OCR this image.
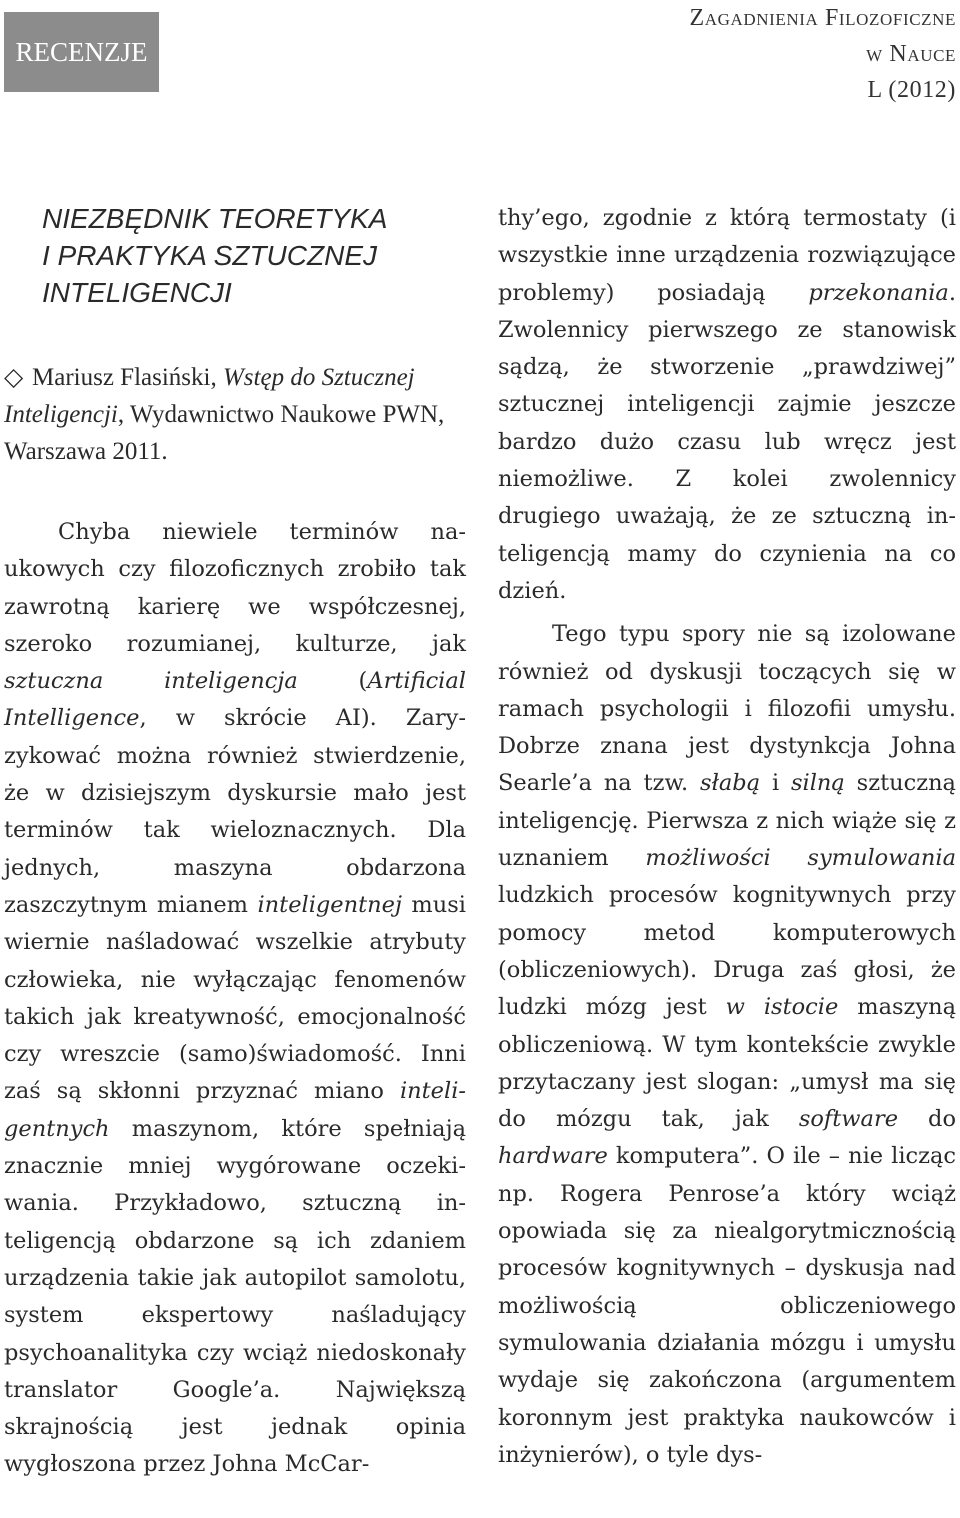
RECENZJE
Zagadnienia Filozoficzne
w Nauce
L (2012)
NIEZBĘDNIK TEORETYKA
I PRAKTYKA SZTUCZNEJ
INTELIGENCJI
◇ Mariusz Flasiński, Wstęp do Sztucznej Inteligencji, Wydawnictwo Naukowe PWN, Warszawa 2011.

Chyba niewiele terminów naukowych czy filozoficznych zrobiło tak zawrotną karierę we współczesnej, szeroko rozumianej, kulturze, jak sztuczna inteligencja (Artificial Intelligence, w skrócie AI). Zaryzykować można również stwierdzenie, że w dzisiejszym dyskursie mało jest terminów tak wieloznacznych. Dla jednych, maszyna obdarzona zaszczytnym mianem inteligentnej musi wiernie naśladować wszelkie atrybuty człowieka, nie wyłączając fenomenów takich jak kreatywność, emocjonalność czy wreszcie (samo)świadomość. Inni zaś są skłonni przyznać miano inteligentnych maszynom, które spełniają znacznie mniej wygórowane oczekiwania. Przykładowo, sztuczną inteligencją obdarzone są ich zdaniem urządzenia takie jak autopilot samolotu, system ekspertowy naśladujący psychoanalityka czy wciąż niedoskonały translator Google’a. Największą skrajnością jest jednak opinia wygłoszona przez Johna McCar-

thy’ego, zgodnie z którą termostaty (i wszystkie inne urządzenia rozwiązujące problemy) posiadają przekonania. Zwolennicy pierwszego ze stanowisk sądzą, że stworzenie „prawdziwej” sztucznej inteligencji zajmie jeszcze bardzo dużo czasu lub wręcz jest niemożliwe. Z kolei zwolennicy drugiego uważają, że ze sztuczną inteligencją mamy do czynienia na co dzień.

Tego typu spory nie są izolowane również od dyskusji toczących się w ramach psychologii i filozofii umysłu. Dobrze znana jest dystynkcja Johna Searle’a na tzw. słabą i silną sztuczną inteligencję. Pierwsza z nich wiąże się z uznaniem możliwości symulowania ludzkich procesów kognitywnych przy pomocy metod komputerowych (obliczeniowych). Druga zaś głosi, że ludzki mózg jest w istocie maszyną obliczeniową. W tym kontekście zwykle przytaczany jest slogan: „umysł ma się do mózgu tak, jak software do hardware komputera”. O ile – nie licząc np. Rogera Penrose’a który wciąż opowiada się za niealgorytmicznością procesów kognitywnych – dyskusja nad możliwością obliczeniowego symulowania działania mózgu i umysłu wydaje się zakończona (argumentem koronnym jest praktyka naukowców i inżynierów), o tyle dys-
